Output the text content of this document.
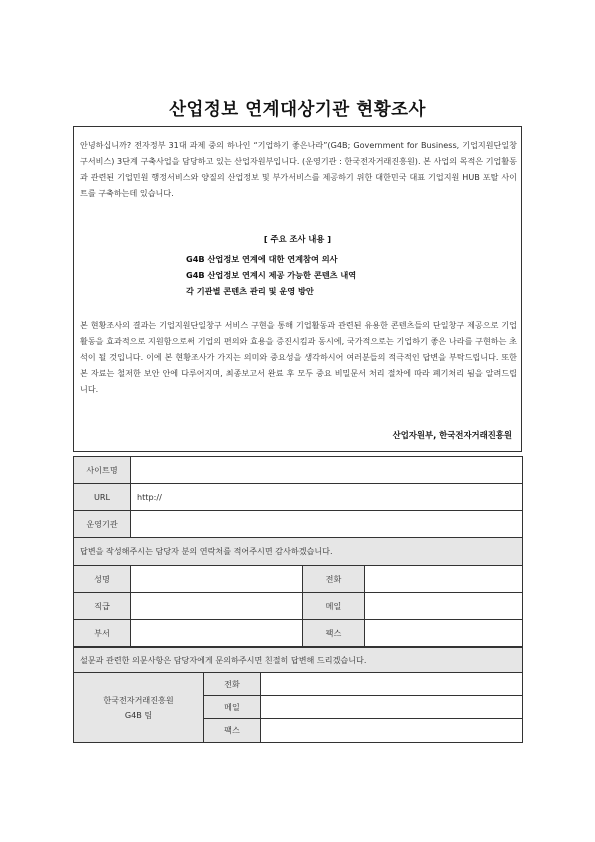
산업정보 연계대상기관 현황조사

안녕하십니까? 전자정부 31대 과제 중의 하나인 “기업하기 좋은나라”(G4B; Government for Business, 기업지원단일창구서비스) 3단계 구축사업을 담당하고 있는 산업자원부입니다. (운영기관 : 한국전자거래진흥원). 본 사업의 목적은 기업활동과 관련된 기업민원 행정서비스와 양질의 산업정보 및 부가서비스를 제공하기 위한 대한민국 대표 기업지원 HUB 포탈 사이트를 구축하는데 있습니다.

[ 주요 조사 내용 ]
G4B 산업정보 연계에 대한 연계참여 의사
G4B 산업정보 연계시 제공 가능한 콘텐츠 내역
각 기관별 콘텐츠 관리 및 운영 방안

본 현황조사의 결과는 기업지원단일창구 서비스 구현을 통해 기업활동과 관련된 유용한 콘텐츠들의 단일창구 제공으로 기업활동을 효과적으로 지원함으로써 기업의 편의와 효용을 증진시킴과 동시에, 국가적으로는 기업하기 좋은 나라를 구현하는 초석이 될 것입니다. 이에 본 현황조사가 가지는 의미와 중요성을 생각하시어 여러분들의 적극적인 답변을 부탁드립니다. 또한 본 자료는 철저한 보안 안에 다루어지며, 최종보고서 완료 후 모두 중요 비밀문서 처리 절차에 따라 폐기처리 됨을 알려드립니다.

산업자원부, 한국전자거래진흥원
사이트명	
URL	http://
운영기관	
답변을 작성해주시는 담당자 분의 연락처를 적어주시면 감사하겠습니다.			
성명		전화	
직급		메일	
부서		팩스	
설문과 관련한 의문사항은 담당자에게 문의하주시면 친절히 답변해 드리겠습니다.		

한국전자거래진흥원
G4B 팀	전화	
	메일	
	팩스	
